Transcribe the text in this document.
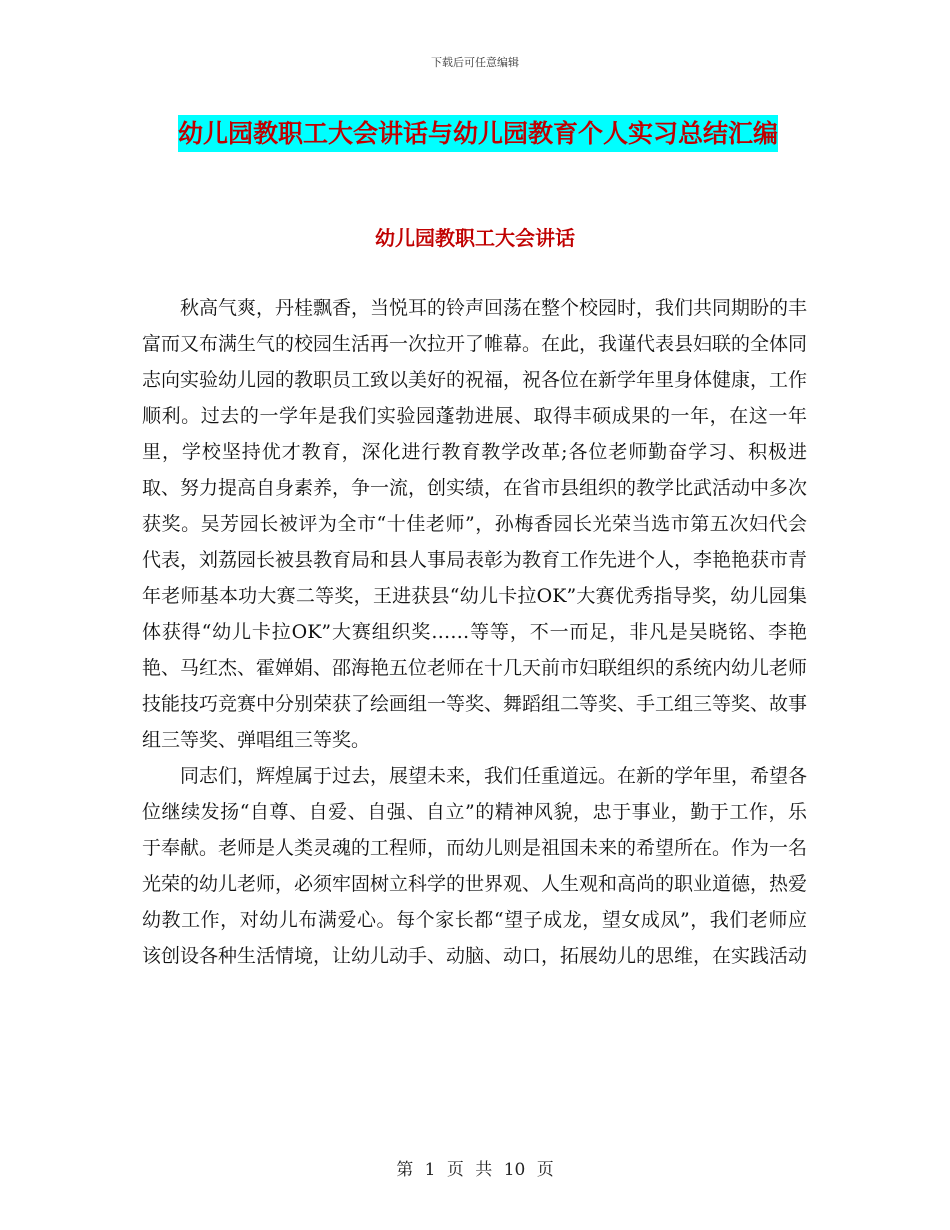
下载后可任意编辑
幼儿园教职工大会讲话与幼儿园教育个人实习总结汇编
幼儿园教职工大会讲话

秋高气爽，丹桂飘香，当悦耳的铃声回荡在整个校园时，我们共同期盼的丰富而又布满生气的校园生活再一次拉开了帷幕。在此，我谨代表县妇联的全体同志向实验幼儿园的教职员工致以美好的祝福，祝各位在新学年里身体健康，工作顺利。过去的一学年是我们实验园蓬勃进展、取得丰硕成果的一年，在这一年里，学校坚持优才教育，深化进行教育教学改革;各位老师勤奋学习、积极进取、努力提高自身素养，争一流，创实绩，在省市县组织的教学比武活动中多次获奖。吴芳园长被评为全市“十佳老师”，孙梅香园长光荣当选市第五次妇代会代表，刘荔园长被县教育局和县人事局表彰为教育工作先进个人，李艳艳获市青年老师基本功大赛二等奖，王进获县“幼儿卡拉OK”大赛优秀指导奖，幼儿园集体获得“幼儿卡拉OK”大赛组织奖……等等，不一而足，非凡是吴晓铭、李艳艳、马红杰、霍婵娟、邵海艳五位老师在十几天前市妇联组织的系统内幼儿老师技能技巧竞赛中分别荣获了绘画组一等奖、舞蹈组二等奖、手工组三等奖、故事组三等奖、弹唱组三等奖。

同志们，辉煌属于过去，展望未来，我们任重道远。在新的学年里，希望各位继续发扬“自尊、自爱、自强、自立”的精神风貌，忠于事业，勤于工作，乐于奉献。老师是人类灵魂的工程师，而幼儿则是祖国未来的希望所在。作为一名光荣的幼儿老师，必须牢固树立科学的世界观、人生观和高尚的职业道德，热爱幼教工作，对幼儿布满爱心。每个家长都“望子成龙，望女成凤”，我们老师应该创设各种生活情境，让幼儿动手、动脑、动口，拓展幼儿的思维，在实践活动

第 1 页 共 10 页
